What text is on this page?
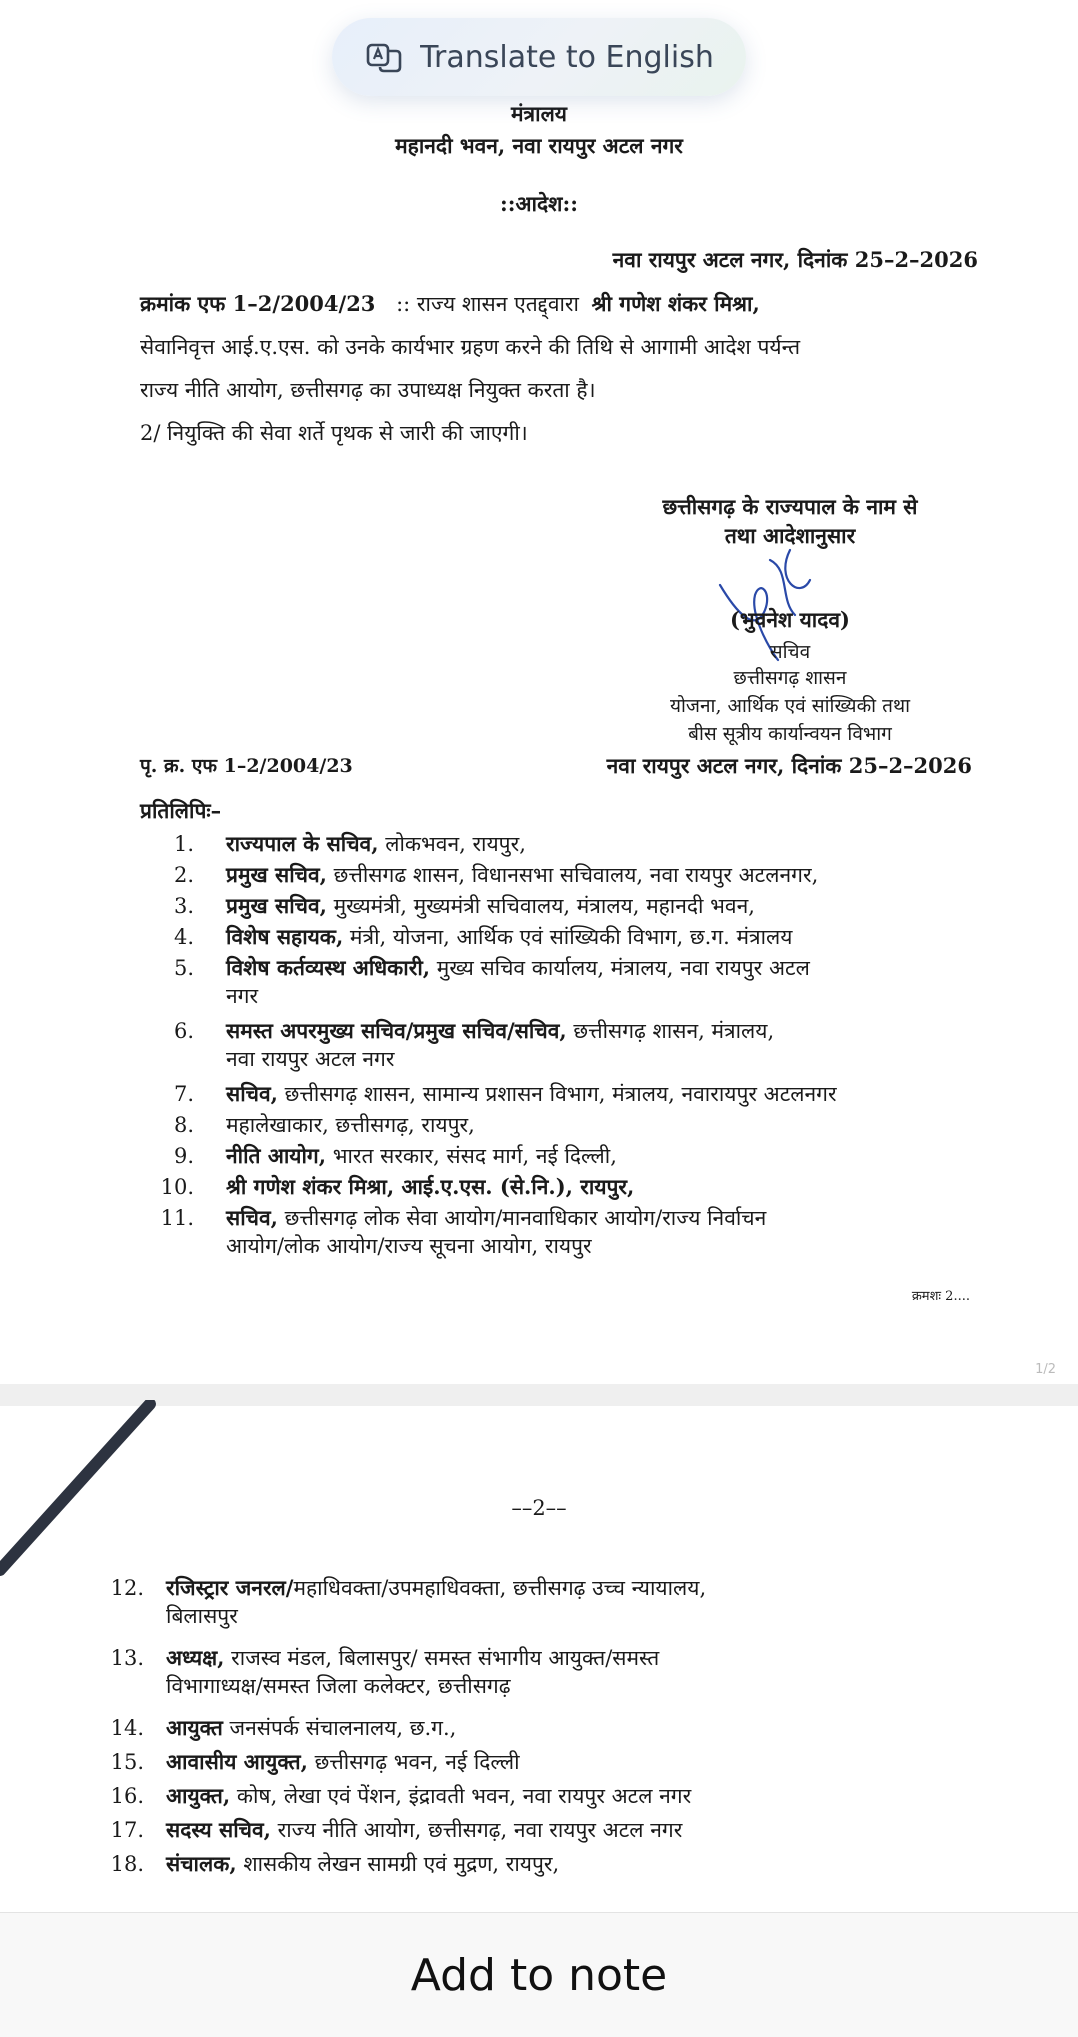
मंत्रालय
महानदी भवन, नवा रायपुर अटल नगर
::आदेश::
नवा रायपुर अटल नगर, दिनांक 25–2–2026
क्रमांक एफ 1–2/2004/23 :: राज्य शासन एतद्द्वारा श्री गणेश शंकर मिश्रा,
सेवानिवृत्त आई.ए.एस. को उनके कार्यभार ग्रहण करने की तिथि से आगामी आदेश पर्यन्त
राज्य नीति आयोग, छत्तीसगढ़ का उपाध्यक्ष नियुक्त करता है।
2/ नियुक्ति की सेवा शर्ते पृथक से जारी की जाएगी।
छत्तीसगढ़ के राज्यपाल के नाम से
तथा आदेशानुसार
(भुवनेश यादव)
सचिव
छत्तीसगढ़ शासन
योजना, आर्थिक एवं सांख्यिकी तथा
बीस सूत्रीय कार्यान्वयन विभाग
पृ. क्र. एफ 1–2/2004/23	नवा रायपुर अटल नगर, दिनांक 25–2–2026
प्रतिलिपिः–
1. राज्यपाल के सचिव, लोकभवन, रायपुर,
2. प्रमुख सचिव, छत्तीसगढ शासन, विधानसभा सचिवालय, नवा रायपुर अटलनगर,
3. प्रमुख सचिव, मुख्यमंत्री, मुख्यमंत्री सचिवालय, मंत्रालय, महानदी भवन,
4. विशेष सहायक, मंत्री, योजना, आर्थिक एवं सांख्यिकी विभाग, छ.ग. मंत्रालय
5. विशेष कर्तव्यस्थ अधिकारी, मुख्य सचिव कार्यालय, मंत्रालय, नवा रायपुर अटल
नगर
6. समस्त अपरमुख्य सचिव/प्रमुख सचिव/सचिव, छत्तीसगढ़ शासन, मंत्रालय,
नवा रायपुर अटल नगर
7. सचिव, छत्तीसगढ़ शासन, सामान्य प्रशासन विभाग, मंत्रालय, नवारायपुर अटलनगर
8. महालेखाकार, छत्तीसगढ़, रायपुर,
9. नीति आयोग, भारत सरकार, संसद मार्ग, नई दिल्ली,
10. श्री गणेश शंकर मिश्रा, आई.ए.एस. (से.नि.), रायपुर,
11. सचिव, छत्तीसगढ़ लोक सेवा आयोग/मानवाधिकार आयोग/राज्य निर्वाचन
आयोग/लोक आयोग/राज्य सूचना आयोग, रायपुर
क्रमशः 2....
1/2
––2––
12. रजिस्ट्रार जनरल/महाधिवक्ता/उपमहाधिवक्ता, छत्तीसगढ़ उच्च न्यायालय,
बिलासपुर
13. अध्यक्ष, राजस्व मंडल, बिलासपुर/ समस्त संभागीय आयुक्त/समस्त
विभागाध्यक्ष/समस्त जिला कलेक्टर, छत्तीसगढ़
14. आयुक्त जनसंपर्क संचालनालय, छ.ग.,
15. आवासीय आयुक्त, छत्तीसगढ़ भवन, नई दिल्ली
16. आयुक्त, कोष, लेखा एवं पेंशन, इंद्रावती भवन, नवा रायपुर अटल नगर
17. सदस्य सचिव, राज्य नीति आयोग, छत्तीसगढ़, नवा रायपुर अटल नगर
18. संचालक, शासकीय लेखन सामग्री एवं मुद्रण, रायपुर,
Translate to English
Add to note
